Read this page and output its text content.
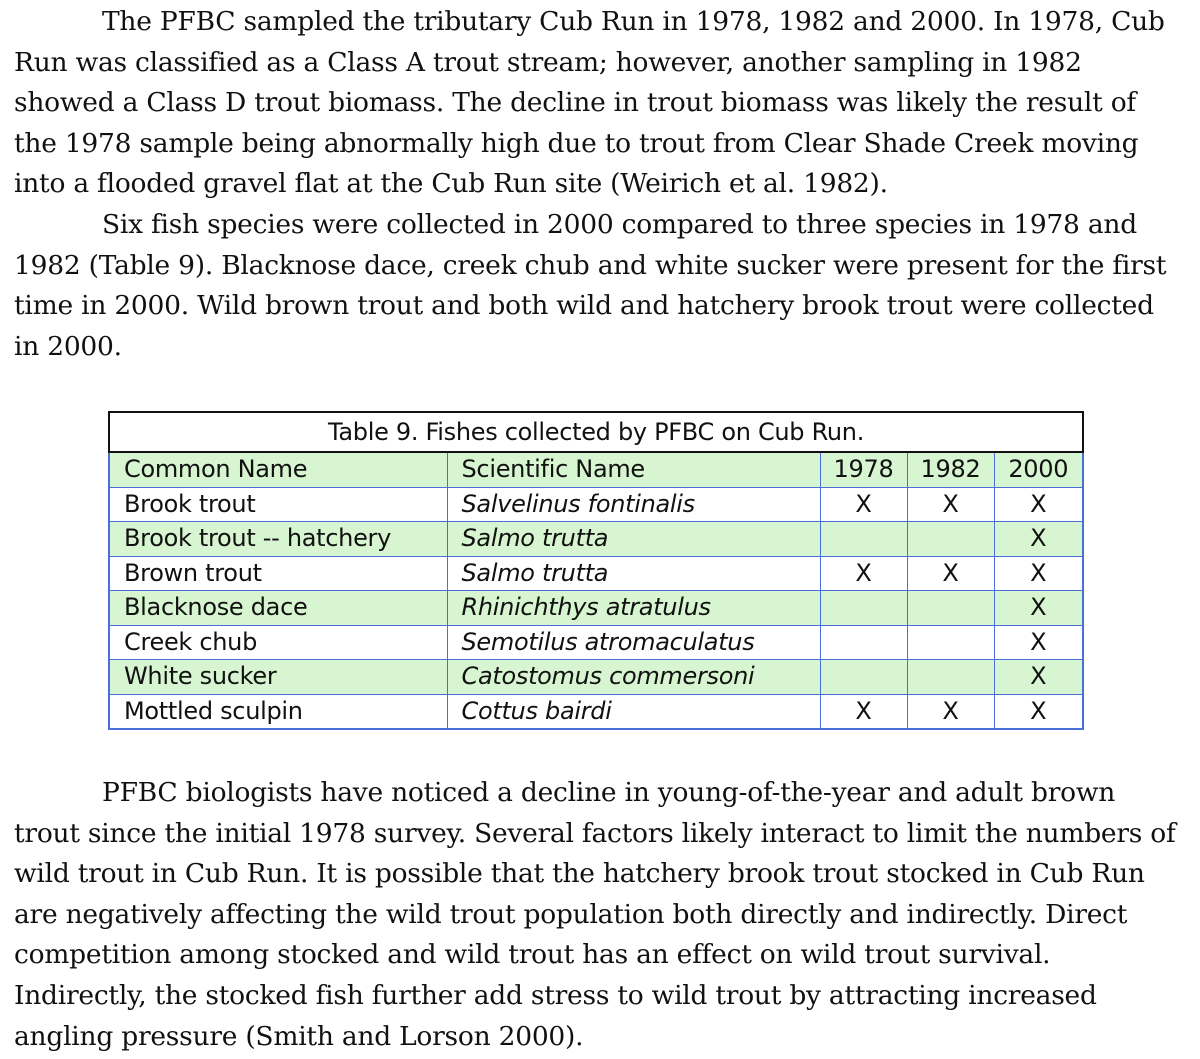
The PFBC sampled the tributary Cub Run in 1978, 1982 and 2000. In 1978, Cub Run was classified as a Class A trout stream; however, another sampling in 1982 showed a Class D trout biomass. The decline in trout biomass was likely the result of the 1978 sample being abnormally high due to trout from Clear Shade Creek moving into a flooded gravel flat at the Cub Run site (Weirich et al. 1982).

Six fish species were collected in 2000 compared to three species in 1978 and 1982 (Table 9). Blacknose dace, creek chub and white sucker were present for the first time in 2000. Wild brown trout and both wild and hatchery brook trout were collected in 2000.

Table 9. Fishes collected by PFBC on Cub Run.				
Common Name	Scientific Name	1978	1982	2000
Brook trout	Salvelinus fontinalis	X	X	X
Brook trout -- hatchery	Salmo trutta			X
Brown trout	Salmo trutta	X	X	X
Blacknose dace	Rhinichthys atratulus			X
Creek chub	Semotilus atromaculatus			X
White sucker	Catostomus commersoni			X
Mottled sculpin	Cottus bairdi	X	X	X

PFBC biologists have noticed a decline in young-of-the-year and adult brown trout since the initial 1978 survey. Several factors likely interact to limit the numbers of wild trout in Cub Run. It is possible that the hatchery brook trout stocked in Cub Run are negatively affecting the wild trout population both directly and indirectly. Direct competition among stocked and wild trout has an effect on wild trout survival. Indirectly, the stocked fish further add stress to wild trout by attracting increased angling pressure (Smith and Lorson 2000).
